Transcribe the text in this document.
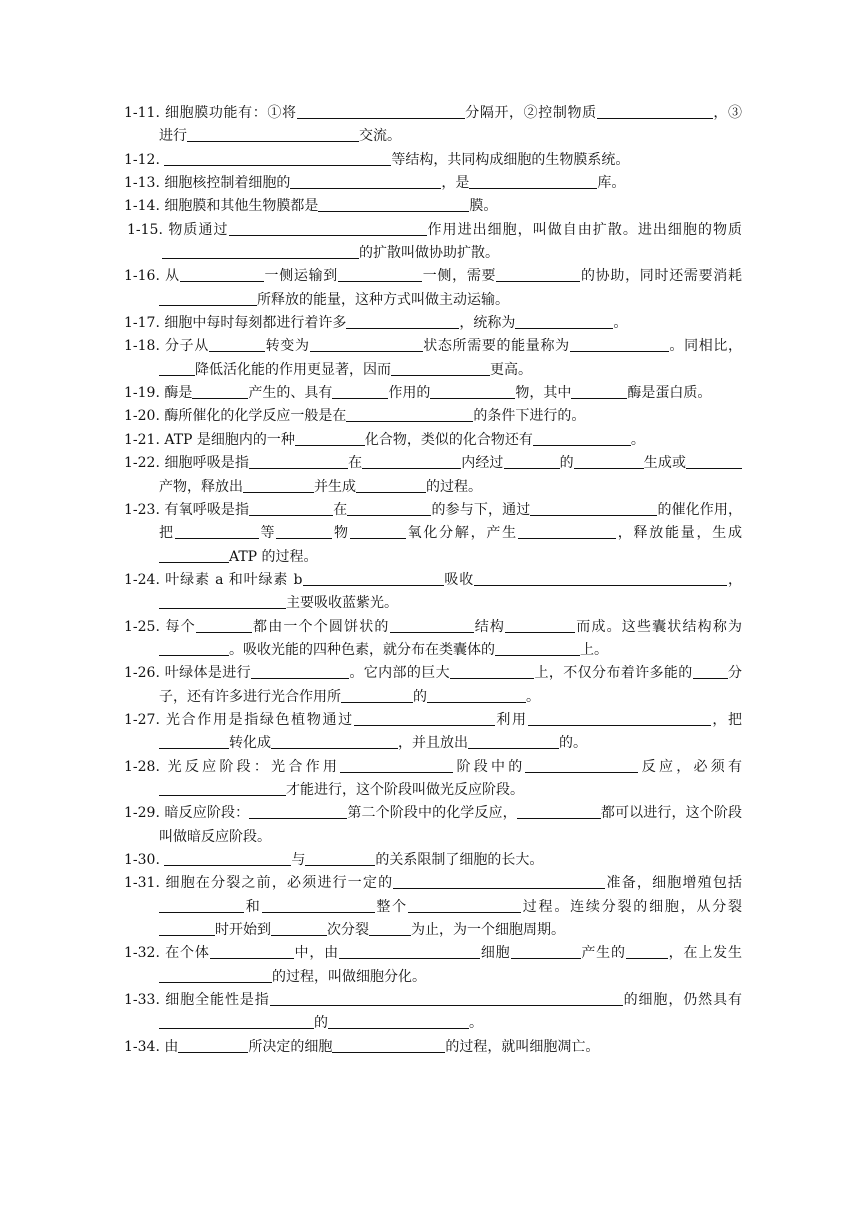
1-11. 细胞膜功能有：①将	分隔开，②控制物质	，③进行	交流。
1-12.	等结构，共同构成细胞的生物膜系统。
1-13. 细胞核控制着细胞的	，是	库。
1-14. 细胞膜和其他生物膜都是	膜。
1-15. 物质通过	作用进出细胞，叫做自由扩散。进出细胞的物质的扩散叫做协助扩散。
1-16. 从	一侧运输到	一侧，需要	的协助，同时还需要消耗所释放的能量，这种方式叫做主动运输。
1-17. 细胞中每时每刻都进行着许多	，统称为	。
1-18. 分子从	转变为	状态所需要的能量称为	。同相比，降低活化能的作用更显著，因而	更高。
1-19. 酶是	产生的、具有	作用的	物，其中	酶是蛋白质。
1-20. 酶所催化的化学反应一般是在	的条件下进行的。
1-21. ATP 是细胞内的一种	化合物，类似的化合物还有	。
1-22. 细胞呼吸是指	在	内经过	的	生成或产物，释放出	并生成	的过程。
1-23. 有氧呼吸是指	在	的参与下，通过	的催化作用，把	等	物	氧化分解，产生	，释放能量，生成ATP 的过程。
1-24. 叶绿素 a 和叶绿素 b	吸收	，主要吸收蓝紫光。
1-25. 每个	都由一个个圆饼状的	结构	而成。这些囊状结构称为。吸收光能的四种色素，就分布在类囊体的	上。
1-26. 叶绿体是进行	。它内部的巨大	上，不仅分布着许多能的	分子，还有许多进行光合作用所	的	。
1-27. 光合作用是指绿色植物通过	利用	，把转化成	，并且放出	的。
1-28. 光反应阶段：光合作用	阶段中的	反应，必须有才能进行，这个阶段叫做光反应阶段。
1-29. 暗反应阶段：	第二个阶段中的化学反应，	都可以进行，这个阶段叫做暗反应阶段。
1-30.	与	的关系限制了细胞的长大。
1-31. 细胞在分裂之前，必须进行一定的	准备，细胞增殖包括和	整个	过程。连续分裂的细胞，从分裂时开始到	次分裂	为止，为一个细胞周期。
1-32. 在个体	中，由	细胞	产生的	，在上发生的过程，叫做细胞分化。
1-33. 细胞全能性是指	的细胞，仍然具有的	。
1-34. 由	所决定的细胞	的过程，就叫细胞凋亡。
